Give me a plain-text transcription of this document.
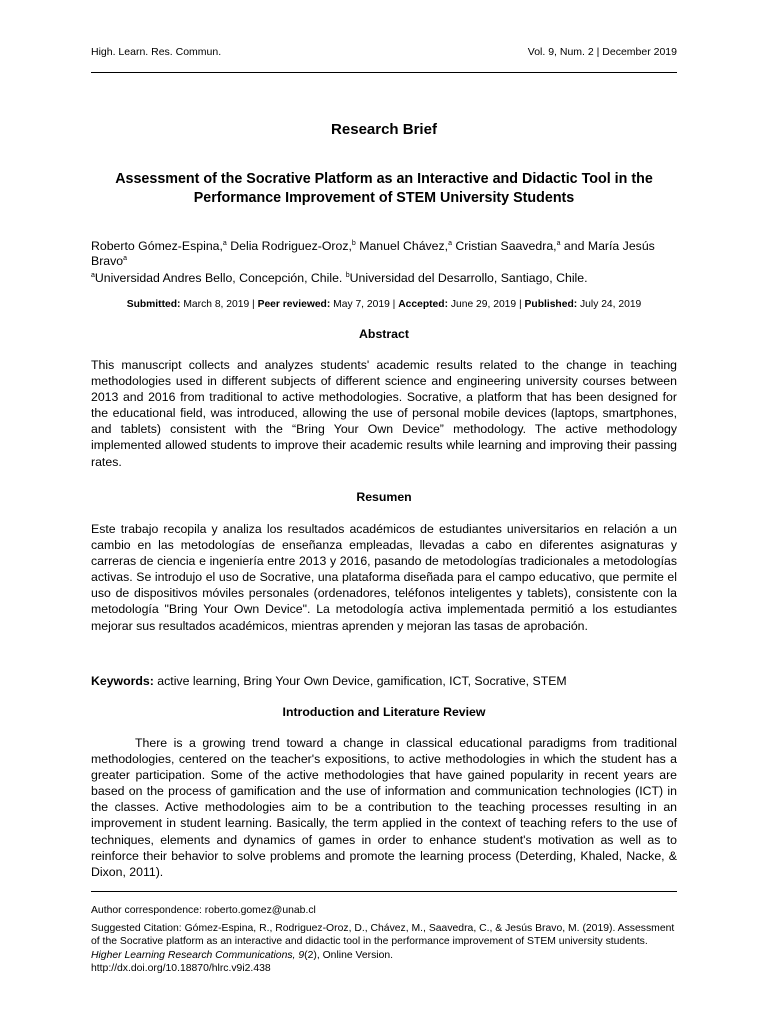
High. Learn. Res. Commun.	Vol. 9, Num. 2 | December 2019
Research Brief
Assessment of the Socrative Platform as an Interactive and Didactic Tool in the Performance Improvement of STEM University Students
Roberto Gómez-Espina,$^a$ Delia Rodriguez-Oroz,$^b$ Manuel Chávez,$^a$ Cristian Saavedra,$^a$ and María Jesús Bravo$^a$
$^a$Universidad Andres Bello, Concepción, Chile. $^b$Universidad del Desarrollo, Santiago, Chile.
Submitted: March 8, 2019 | Peer reviewed: May 7, 2019 | Accepted: June 29, 2019 | Published: July 24, 2019
Abstract

This manuscript collects and analyzes students' academic results related to the change in teaching methodologies used in different subjects of different science and engineering university courses between 2013 and 2016 from traditional to active methodologies. Socrative, a platform that has been designed for the educational field, was introduced, allowing the use of personal mobile devices (laptops, smartphones, and tablets) consistent with the “Bring Your Own Device” methodology. The active methodology implemented allowed students to improve their academic results while learning and improving their passing rates.

Resumen

Este trabajo recopila y analiza los resultados académicos de estudiantes universitarios en relación a un cambio en las metodologías de enseñanza empleadas, llevadas a cabo en diferentes asignaturas y carreras de ciencia e ingeniería entre 2013 y 2016, pasando de metodologías tradicionales a metodologías activas. Se introdujo el uso de Socrative, una plataforma diseñada para el campo educativo, que permite el uso de dispositivos móviles personales (ordenadores, teléfonos inteligentes y tablets), consistente con la metodología "Bring Your Own Device". La metodología activa implementada permitió a los estudiantes mejorar sus resultados académicos, mientras aprenden y mejoran las tasas de aprobación.

Keywords: active learning, Bring Your Own Device, gamification, ICT, Socrative, STEM
Introduction and Literature Review

There is a growing trend toward a change in classical educational paradigms from traditional methodologies, centered on the teacher's expositions, to active methodologies in which the student has a greater participation. Some of the active methodologies that have gained popularity in recent years are based on the process of gamification and the use of information and communication technologies (ICT) in the classes. Active methodologies aim to be a contribution to the teaching processes resulting in an improvement in student learning. Basically, the term applied in the context of teaching refers to the use of techniques, elements and dynamics of games in order to enhance student's motivation as well as to reinforce their behavior to solve problems and promote the learning process (Deterding, Khaled, Nacke, & Dixon, 2011).

Author correspondence: roberto.gomez@unab.cl

Suggested Citation: Gómez-Espina, R., Rodriguez-Oroz, D., Chávez, M., Saavedra, C., & Jesús Bravo, M. (2019). Assessment of the Socrative platform as an interactive and didactic tool in the performance improvement of STEM university students. Higher Learning Research Communications, 9(2), Online Version.
http://dx.doi.org/10.18870/hlrc.v9i2.438
